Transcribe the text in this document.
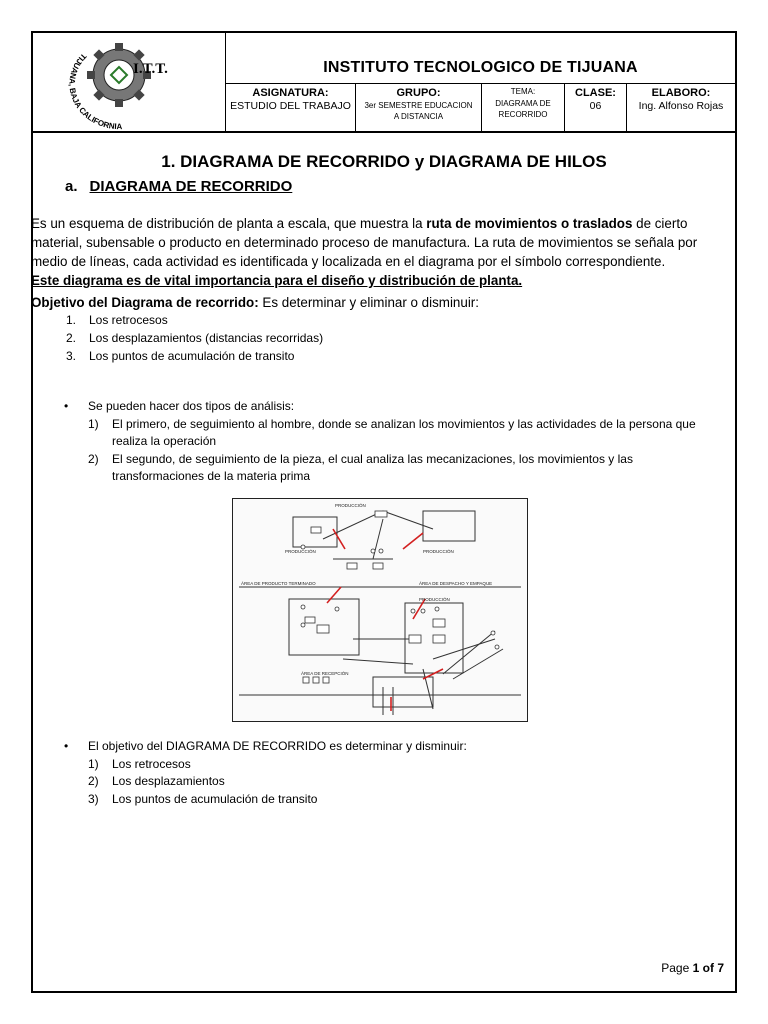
I.T.T.
TIJUANA, BAJA CALIFORNIA
INSTITUTO TECNOLOGICO DE TIJUANA
ASIGNATURA:
ESTUDIO DEL TRABAJO
GRUPO:
3er SEMESTRE EDUCACION A DISTANCIA
TEMA:
DIAGRAMA DE RECORRIDO
CLASE:
06
ELABORO:
Ing. Alfonso Rojas
1. DIAGRAMA DE RECORRIDO y DIAGRAMA DE HILOS
a. DIAGRAMA DE RECORRIDO
Es un esquema de distribución de planta a escala, que muestra la ruta de movimientos o traslados de cierto material, subensable o producto en determinado proceso de manufactura. La ruta de movimientos se señala por medio de líneas, cada actividad es identificada y localizada en el diagrama por el símbolo correspondiente.
Este diagrama es de vital importancia para el diseño y distribución de planta.
Objetivo del Diagrama de recorrido: Es determinar y eliminar o disminuir:
1. Los retrocesos
2. Los desplazamientos (distancias recorridas)
3. Los puntos de acumulación de transito
• Se pueden hacer dos tipos de análisis:
1) El primero, de seguimiento al hombre, donde se analizan los movimientos y las actividades de la persona que realiza la operación
2) El segundo, de seguimiento de la pieza, el cual analiza las mecanizaciones, los movimientos y las transformaciones de la materia prima
PRODUCCIÓN
PRODUCCIÓN	PRODUCCIÓN
ÁREA DE PRODUCTO TERMINADO	ÁREA DE DESPACHO Y EMPAQUE
PRODUCCIÓN
ÁREA DE RECEPCIÓN
• El objetivo del DIAGRAMA DE RECORRIDO es determinar y disminuir:
1) Los retrocesos
2) Los desplazamientos
3) Los puntos de acumulación de transito
Page 1 of 7
